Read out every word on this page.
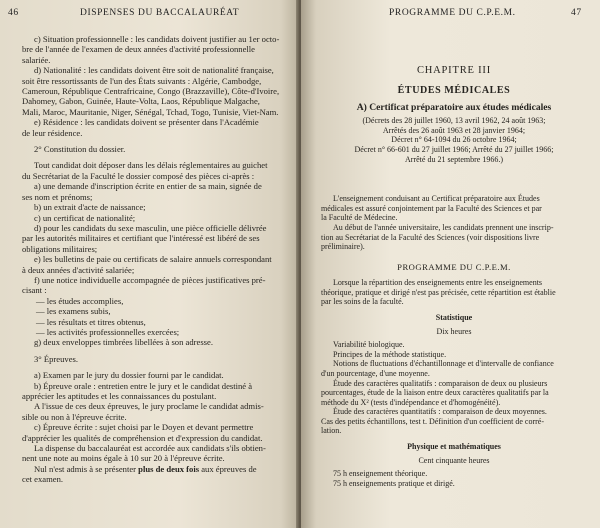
46	DISPENSES DU BACCALAURÉAT

c) Situation professionnelle : les candidats doivent justifier au 1er octo-

bre de l'année de l'examen de deux années d'activité professionnelle

salariée.

d) Nationalité : les candidats doivent être soit de nationalité française,

soit être ressortissants de l'un des États suivants : Algérie, Cambodge,

Cameroun, République Centrafricaine, Congo (Brazzaville), Côte-d'Ivoire,

Dahomey, Gabon, Guinée, Haute-Volta, Laos, République Malgache,

Mali, Maroc, Mauritanie, Niger, Sénégal, Tchad, Togo, Tunisie, Viet-Nam.

e) Résidence : les candidats doivent se présenter dans l'Académie

de leur résidence.

2° Constitution du dossier.

Tout candidat doit déposer dans les délais réglementaires au guichet

du Secrétariat de la Faculté le dossier composé des pièces ci-après :

a) une demande d'inscription écrite en entier de sa main, signée de

ses nom et prénoms;

b) un extrait d'acte de naissance;

c) un certificat de nationalité;

d) pour les candidats du sexe masculin, une pièce officielle délivrée

par les autorités militaires et certifiant que l'intéressé est libéré de ses

obligations militaires;

e) les bulletins de paie ou certificats de salaire annuels correspondant

à deux années d'activité salariée;

f) une notice individuelle accompagnée de pièces justificatives pré-

cisant :

— les études accomplies,

— les examens subis,

— les résultats et titres obtenus,

— les activités professionnelles exercées;

g) deux enveloppes timbrées libellées à son adresse.

3° Épreuves.

a) Examen par le jury du dossier fourni par le candidat.

b) Épreuve orale : entretien entre le jury et le candidat destiné à

apprécier les aptitudes et les connaissances du postulant.

A l'issue de ces deux épreuves, le jury proclame le candidat admis-

sible ou non à l'épreuve écrite.

c) Épreuve écrite : sujet choisi par le Doyen et devant permettre

d'apprécier les qualités de compréhension et d'expression du candidat.

La dispense du baccalauréat est accordée aux candidats s'ils obtien-

nent une note au moins égale à 10 sur 20 à l'épreuve écrite.

Nul n'est admis à se présenter plus de deux fois aux épreuves de

cet examen.

PROGRAMME DU C.P.E.M.	47

CHAPITRE III

ÉTUDES MÉDICALES

A) Certificat préparatoire aux études médicales

(Décrets des 28 juillet 1960, 13 avril 1962, 24 août 1963;

Arrêtés des 26 août 1963 et 28 janvier 1964;

Décret n° 64-1094 du 26 octobre 1964;

Décret n° 66-601 du 27 juillet 1966; Arrêté du 27 juillet 1966;

Arrêté du 21 septembre 1966.)

L'enseignement conduisant au Certificat préparatoire aux Études

médicales est assuré conjointement par la Faculté des Sciences et par

la Faculté de Médecine.

Au début de l'année universitaire, les candidats prennent une inscrip-

tion au Secrétariat de la Faculté des Sciences (voir dispositions livre

préliminaire).

PROGRAMME DU C.P.E.M.

Lorsque la répartition des enseignements entre les enseignements

théorique, pratique et dirigé n'est pas précisée, cette répartition est établie

par les soins de la faculté.

Statistique

Dix heures

Variabilité biologique.

Principes de la méthode statistique.

Notions de fluctuations d'échantillonnage et d'intervalle de confiance

d'un pourcentage, d'une moyenne.

Étude des caractères qualitatifs : comparaison de deux ou plusieurs

pourcentages, étude de la liaison entre deux caractères qualitatifs par la

méthode du X² (tests d'indépendance et d'homogénéité).

Étude des caractères quantitatifs : comparaison de deux moyennes.

Cas des petits échantillons, test t. Définition d'un coefficient de corré-

lation.

Physique et mathématiques

Cent cinquante heures

75 h enseignement théorique.

75 h enseignements pratique et dirigé.
